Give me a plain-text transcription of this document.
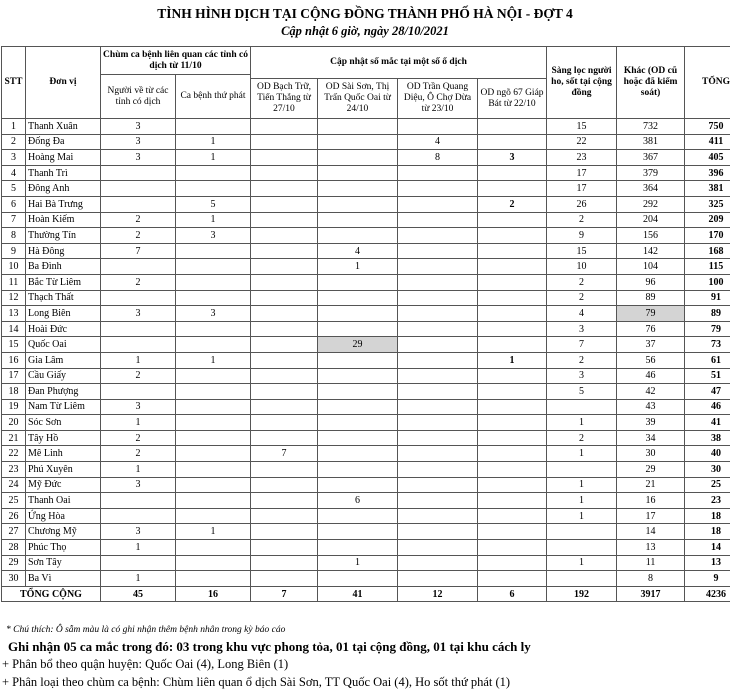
TÌNH HÌNH DỊCH TẠI CỘNG ĐỒNG THÀNH PHỐ HÀ NỘI - ĐỢT 4
Cập nhật 6 giờ, ngày 28/10/2021
STT	Đơn vị	Chùm ca bệnh liên quan các tỉnh có dịch từ 11/10		Cập nhật số mắc tại một số ổ dịch				Sàng lọc người ho, sốt tại cộng đồng	Khác (OD cũ hoặc đã kiểm soát)	TỔNG
		Người về từ các tỉnh có dịch	Ca bệnh thứ phát							
				OD Bạch Trữ, Tiến Thắng từ 27/10	OD Sài Sơn, Thị Trấn Quốc Oai từ 24/10	OD Trần Quang Diệu, Ô Chợ Dừa từ 23/10	OD ngõ 67 Giáp Bát từ 22/10			
1	Thanh Xuân	3						15	732	750
2	Đống Đa	3	1			4		22	381	411
3	Hoàng Mai	3	1			8	3	23	367	405
4	Thanh Trì							17	379	396
5	Đông Anh							17	364	381
6	Hai Bà Trưng		5				2	26	292	325
7	Hoàn Kiếm	2	1					2	204	209
8	Thường Tín	2	3					9	156	170
9	Hà Đông	7			4			15	142	168
10	Ba Đình				1			10	104	115
11	Bắc Từ Liêm	2						2	96	100
12	Thạch Thất							2	89	91
13	Long Biên	3	3					4	79	89
14	Hoài Đức							3	76	79
15	Quốc Oai				29			7	37	73
16	Gia Lâm	1	1				1	2	56	61
17	Cầu Giấy	2						3	46	51
18	Đan Phượng							5	42	47
19	Nam Từ Liêm	3							43	46
20	Sóc Sơn	1						1	39	41
21	Tây Hồ	2						2	34	38
22	Mê Linh	2		7				1	30	40
23	Phú Xuyên	1							29	30
24	Mỹ Đức	3						1	21	25
25	Thanh Oai				6			1	16	23
26	Ứng Hòa							1	17	18
27	Chương Mỹ	3	1						14	18
28	Phúc Thọ	1							13	14
29	Sơn Tây				1			1	11	13
30	Ba Vì	1							8	9
TỔNG CỘNG		45	16	7	41	12	6	192	3917	4236
* Chú thích: Ô sẫm màu là có ghi nhận thêm bệnh nhân trong kỳ báo cáo
Ghi nhận 05 ca mắc trong đó: 03 trong khu vực phong tỏa, 01 tại cộng đồng, 01 tại khu cách ly
+ Phân bổ theo quận huyện: Quốc Oai (4), Long Biên (1)
+ Phân loại theo chùm ca bệnh: Chùm liên quan ổ dịch Sài Sơn, TT Quốc Oai (4), Ho sốt thứ phát (1)
